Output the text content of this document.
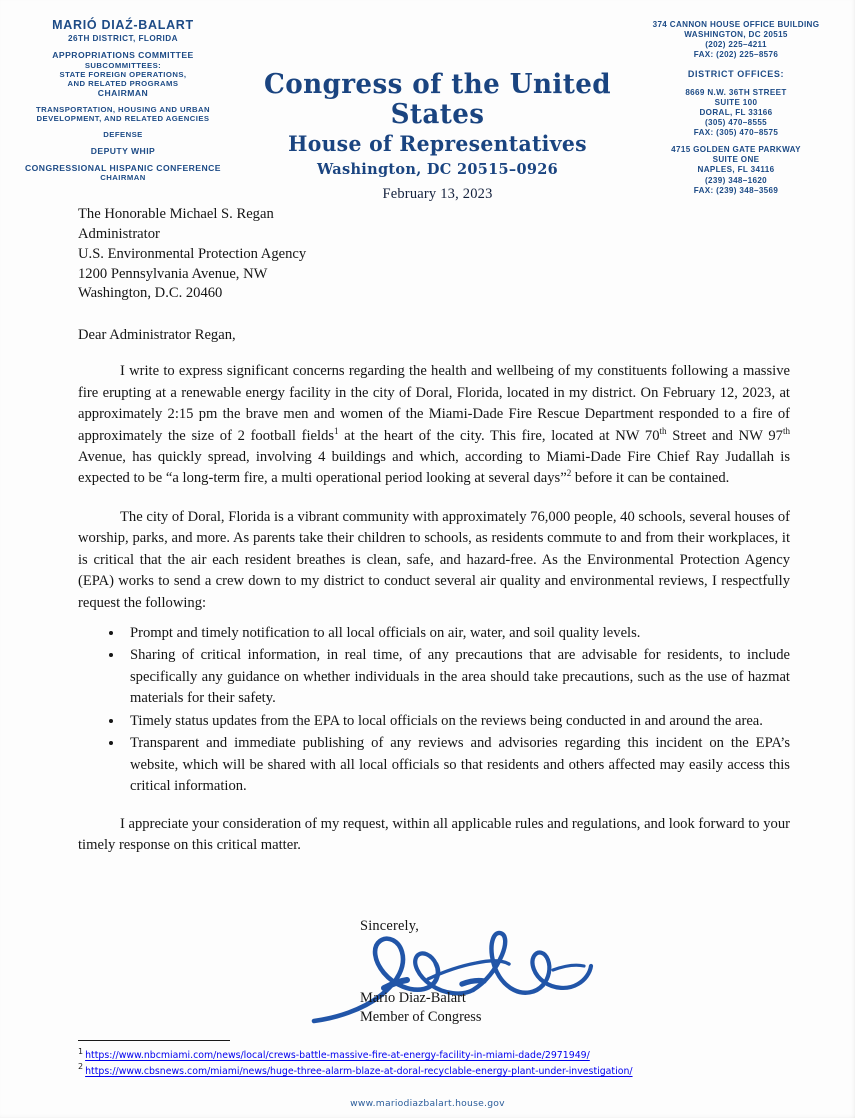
MARIÓ DIAŹ-BALART
26TH DISTRICT, FLORIDA
APPROPRIATIONS COMMITTEE
SUBCOMMITTEES:
STATE FOREIGN OPERATIONS,
AND RELATED PROGRAMS
CHAIRMAN
TRANSPORTATION, HOUSING AND URBAN
DEVELOPMENT, AND RELATED AGENCIES
DEFENSE
DEPUTY WHIP
CONGRESSIONAL HISPANIC CONFERENCE
CHAIRMAN
Congress of the United States
House of Representatives
Washington, DC 20515–0926
February 13, 2023
374 CANNON HOUSE OFFICE BUILDING
WASHINGTON, DC 20515
(202) 225–4211
FAX: (202) 225–8576
DISTRICT OFFICES:
8669 N.W. 36TH STREET
SUITE 100
DORAL, FL 33166
(305) 470–8555
FAX: (305) 470–8575
4715 GOLDEN GATE PARKWAY
SUITE ONE
NAPLES, FL 34116
(239) 348–1620
FAX: (239) 348–3569
The Honorable Michael S. Regan
Administrator
U.S. Environmental Protection Agency
1200 Pennsylvania Avenue, NW
Washington, D.C. 20460
Dear Administrator Regan,

I write to express significant concerns regarding the health and wellbeing of my constituents following a massive fire erupting at a renewable energy facility in the city of Doral, Florida, located in my district. On February 12, 2023, at approximately 2:15 pm the brave men and women of the Miami-Dade Fire Rescue Department responded to a fire of approximately the size of 2 football fields$^1$ at the heart of the city. This fire, located at NW 70th Street and NW 97th Avenue, has quickly spread, involving 4 buildings and which, according to Miami-Dade Fire Chief Ray Judallah is expected to be “a long-term fire, a multi operational period looking at several days”$^2$ before it can be contained.

The city of Doral, Florida is a vibrant community with approximately 76,000 people, 40 schools, several houses of worship, parks, and more. As parents take their children to schools, as residents commute to and from their workplaces, it is critical that the air each resident breathes is clean, safe, and hazard-free. As the Environmental Protection Agency (EPA) works to send a crew down to my district to conduct several air quality and environmental reviews, I respectfully request the following:

• Prompt and timely notification to all local officials on air, water, and soil quality levels.
• Sharing of critical information, in real time, of any precautions that are advisable for residents, to include specifically any guidance on whether individuals in the area should take precautions, such as the use of hazmat materials for their safety.
• Timely status updates from the EPA to local officials on the reviews being conducted in and around the area.
• Transparent and immediate publishing of any reviews and advisories regarding this incident on the EPA’s website, which will be shared with all local officials so that residents and others affected may easily access this critical information.

I appreciate your consideration of my request, within all applicable rules and regulations, and look forward to your timely response on this critical matter.

Sincerely,
Mario Diaz-Balart
Member of Congress
1 https://www.nbcmiami.com/news/local/crews-battle-massive-fire-at-energy-facility-in-miami-dade/2971949/
2 https://www.cbsnews.com/miami/news/huge-three-alarm-blaze-at-doral-recyclable-energy-plant-under-investigation/
www.mariodiazbalart.house.gov
